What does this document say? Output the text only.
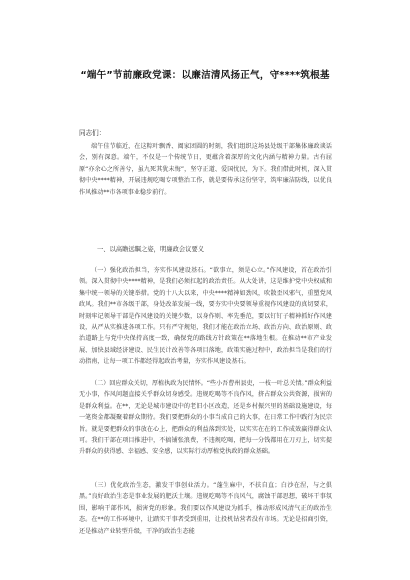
“端午”节前廉政党课：以廉洁清风扬正气，守****筑根基
同志们：
端午佳节临近，在这粽叶飘香、阖家团圆的时刻，我们组织这场县处级干部集体廉政谈话会，别有深意。端午，不仅是一个传统节日，更蕴含着深厚的文化内涵与精神力量。古有屈原“亦余心之所善兮，虽九死其犹未悔”，坚守正道、爱国忧民，为下。我们借此时机，深入贯彻中央****精神，开展违规吃喝专项整治工作，就是要传承这份坚守，筑牢廉洁防线，以优良作风推动**市各项事业稳步前行。
一、以高瞻远瞩之姿，明廉政会议要义
（一）强化政治担当，夯实作风建设基石。“欲事立，须是心立。”作风建设，首在政治引领。深入贯彻中央****精神，是我们必须扛起的政治责任。从大处讲，这是维护党中央权威和集中统一领导的关键举措。党的十八大以来，中央****精神如劲风，吹散歪风邪气，重塑党风政风。我们**市各级干部，身处改革发展一线，要夯实中央要领导重视作风建设的真切要求，时刻牢记领导干部是作风建设的关键少数，以身作则、率先垂范，要以钉钉子精神抓好作风建设，从严从实推进各项工作。只有严守规矩，我们才能在政治立场、政治方向、政治原则、政治道路上与党中央保持高度一致，确保党的路线方针政策在**落地生根。在推动**市产业发展、加快县域经济建设、民生民计改善等各项目落地，政策实施过程中，政治担当是我们的行动指南，让每一项工作都经得起政治考量，夯实作风建设基石。
（二）回应群众关切，厚植执政为民情怀。“些小吾曹州县吏，一枝一叶总关情。”群众利益无小事，作风问题直接关乎群众切身感受。违规吃喝等不良作风，挤占群众公共资源，损害的是群众利益。在**，无论是城市建设中的老旧小区改造，还是乡村振兴里的基础设施建设，每一笔资金都凝聚着群众期待。我们要把群众的小事当成自己的大事，在日常工作中践行为民宗旨。就是要把群众的事放在心上，把群众的利益落到实处，以实实在在的工作成效赢得群众认可。我们干部在项目推进中，不搞铺张浪费，不违规吃喝，把每一分钱都用在刀刃上，切实提升群众的获得感、幸福感、安全感，以实际行动厚植党执政的群众基础。
（三）优化政治生态，激发干事创业活力。“蓬生麻中，不扶自直；白沙在涅，与之俱黑。”良好政治生态是事业发展的肥沃土壤。违规吃喝等不良风气，腐蚀干部思想，破坏干事氛围，影响干部作风，损害党的形象。我们要以作风建设为抓手，推动形成风清气正的政治生态。在**的工作环境中，让踏实干事者受到重用，让投机钻营者没有市场。无论是招商引资，还是推动产业转型升级，干净的政治生态能
